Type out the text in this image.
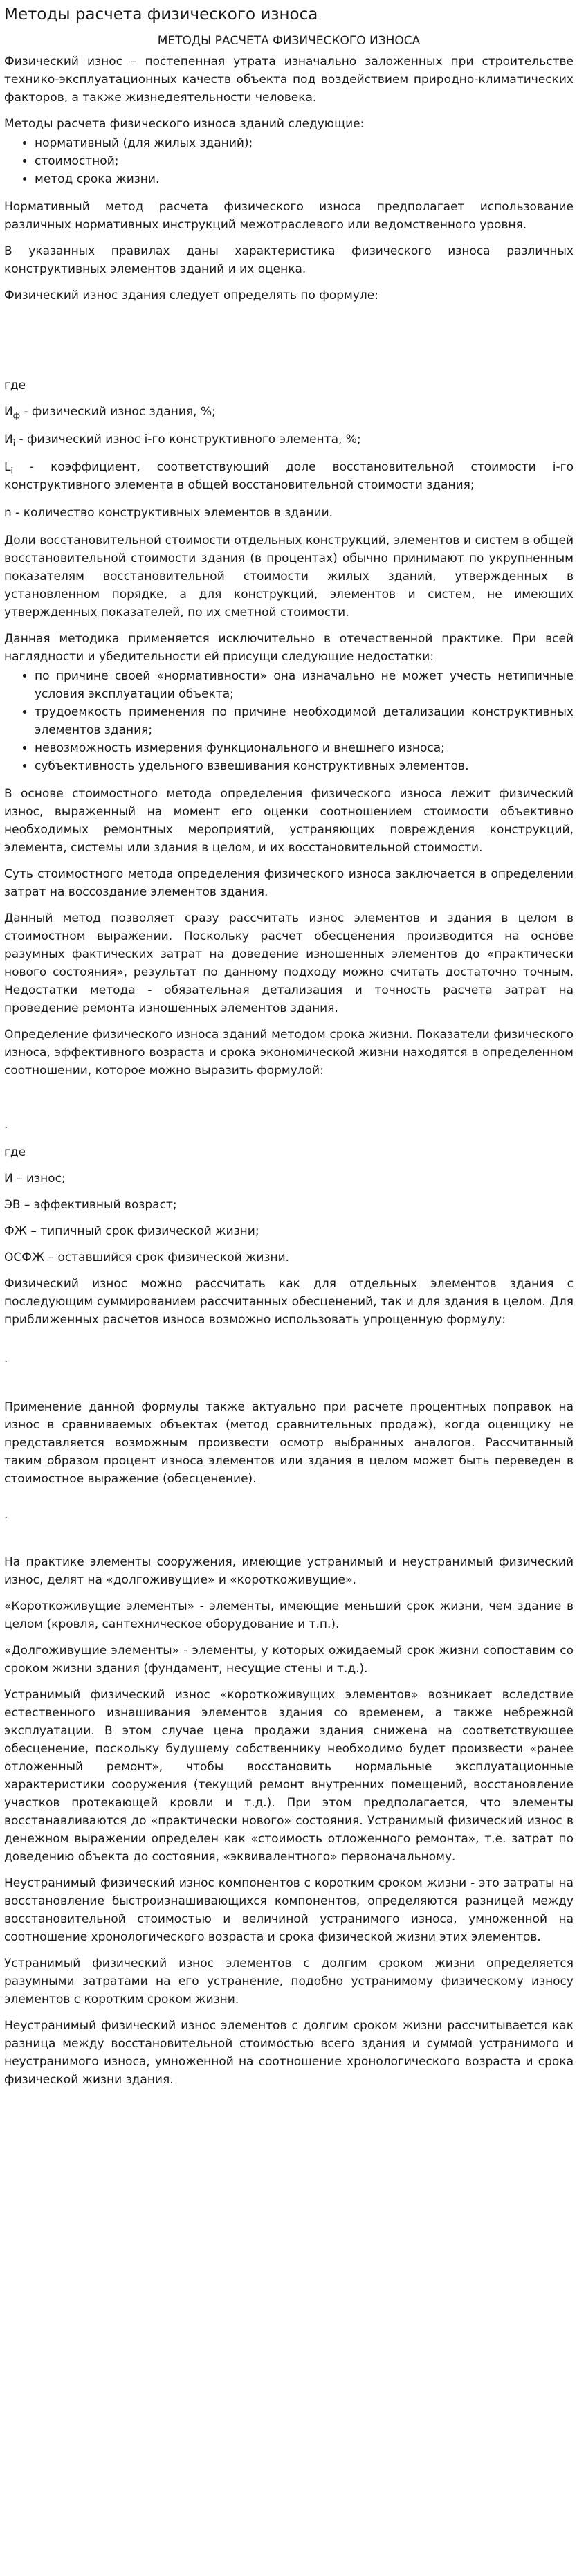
Методы расчета физического износа
МЕТОДЫ РАСЧЕТА ФИЗИЧЕСКОГО ИЗНОСА

Физический износ – постепенная утрата изначально заложенных при строительстве технико-эксплуатационных качеств объекта под воздействием природно-климатических факторов, а также жизнедеятельности человека.

Методы расчета физического износа зданий следующие:

• нормативный (для жилых зданий);
• стоимостной;
• метод срока жизни.

Нормативный метод расчета физического износа предполагает использование различных нормативных инструкций межотраслевого или ведомственного уровня.

В указанных правилах даны характеристика физического износа различных конструктивных элементов зданий и их оценка.

Физический износ здания следует определять по формуле:

где

$И_ф$ - физический износ здания, %;
$И_i$ - физический износ i-го конструктивного элемента, %;
$L_i$ - коэффициент, соответствующий доле восстановительной стоимости i-го конструктивного элемента в общей восстановительной стоимости здания;
n - количество конструктивных элементов в здании.

Доли восстановительной стоимости отдельных конструкций, элементов и систем в общей восстановительной стоимости здания (в процентах) обычно принимают по укрупненным показателям восстановительной стоимости жилых зданий, утвержденных в установленном порядке, а для конструкций, элементов и систем, не имеющих утвержденных показателей, по их сметной стоимости.

Данная методика применяется исключительно в отечественной практике. При всей наглядности и убедительности ей присущи следующие недостатки:

• по причине своей «нормативности» она изначально не может учесть нетипичные условия эксплуатации объекта;
• трудоемкость применения по причине необходимой детализации конструктивных элементов здания;
• невозможность измерения функционального и внешнего износа;
• субъективность удельного взвешивания конструктивных элементов.

В основе стоимостного метода определения физического износа лежит физический износ, выраженный на момент его оценки соотношением стоимости объективно необходимых ремонтных мероприятий, устраняющих повреждения конструкций, элемента, системы или здания в целом, и их восстановительной стоимости.

Суть стоимостного метода определения физического износа заключается в определении затрат на воссоздание элементов здания.

Данный метод позволяет сразу рассчитать износ элементов и здания в целом в стоимостном выражении. Поскольку расчет обесценения производится на основе разумных фактических затрат на доведение изношенных элементов до «практически нового состояния», результат по данному подходу можно считать достаточно точным. Недостатки метода - обязательная детализация и точность расчета затрат на проведение ремонта изношенных элементов здания.

Определение физического износа зданий методом срока жизни. Показатели физического износа, эффективного возраста и срока экономической жизни находятся в определенном соотношении, которое можно выразить формулой:

.

где

И – износ;

ЭВ – эффективный возраст;

ФЖ – типичный срок физической жизни;

ОСФЖ – оставшийся срок физической жизни.

Физический износ можно рассчитать как для отдельных элементов здания с последующим суммированием рассчитанных обесценений, так и для здания в целом. Для приближенных расчетов износа возможно использовать упрощенную формулу:

.

Применение данной формулы также актуально при расчете процентных поправок на износ в сравниваемых объектах (метод сравнительных продаж), когда оценщику не представляется возможным произвести осмотр выбранных аналогов. Рассчитанный таким образом процент износа элементов или здания в целом может быть переведен в стоимостное выражение (обесценение).

.

На практике элементы сооружения, имеющие устранимый и неустранимый физический износ, делят на «долгоживущие» и «короткоживущие».

«Короткоживущие элементы» - элементы, имеющие меньший срок жизни, чем здание в целом (кровля, сантехническое оборудование и т.п.).

«Долгоживущие элементы» - элементы, у которых ожидаемый срок жизни сопоставим со сроком жизни здания (фундамент, несущие стены и т.д.).

Устранимый физический износ «короткоживущих элементов» возникает вследствие естественного изнашивания элементов здания со временем, а также небрежной эксплуатации. В этом случае цена продажи здания снижена на соответствующее обесценение, поскольку будущему собственнику необходимо будет произвести «ранее отложенный ремонт», чтобы восстановить нормальные эксплуатационные характеристики сооружения (текущий ремонт внутренних помещений, восстановление участков протекающей кровли и т.д.). При этом предполагается, что элементы восстанавливаются до «практически нового» состояния. Устранимый физический износ в денежном выражении определен как «стоимость отложенного ремонта», т.е. затрат по доведению объекта до состояния, «эквивалентного» первоначальному.

Неустранимый физический износ компонентов с коротким сроком жизни - это затраты на восстановление быстроизнашивающихся компонентов, определяются разницей между восстановительной стоимостью и величиной устранимого износа, умноженной на соотношение хронологического возраста и срока физической жизни этих элементов.

Устранимый физический износ элементов с долгим сроком жизни определяется разумными затратами на его устранение, подобно устранимому физическому износу элементов с коротким сроком жизни.

Неустранимый физический износ элементов с долгим сроком жизни рассчитывается как разница между восстановительной стоимостью всего здания и суммой устранимого и неустранимого износа, умноженной на соотношение хронологического возраста и срока физической жизни здания.
